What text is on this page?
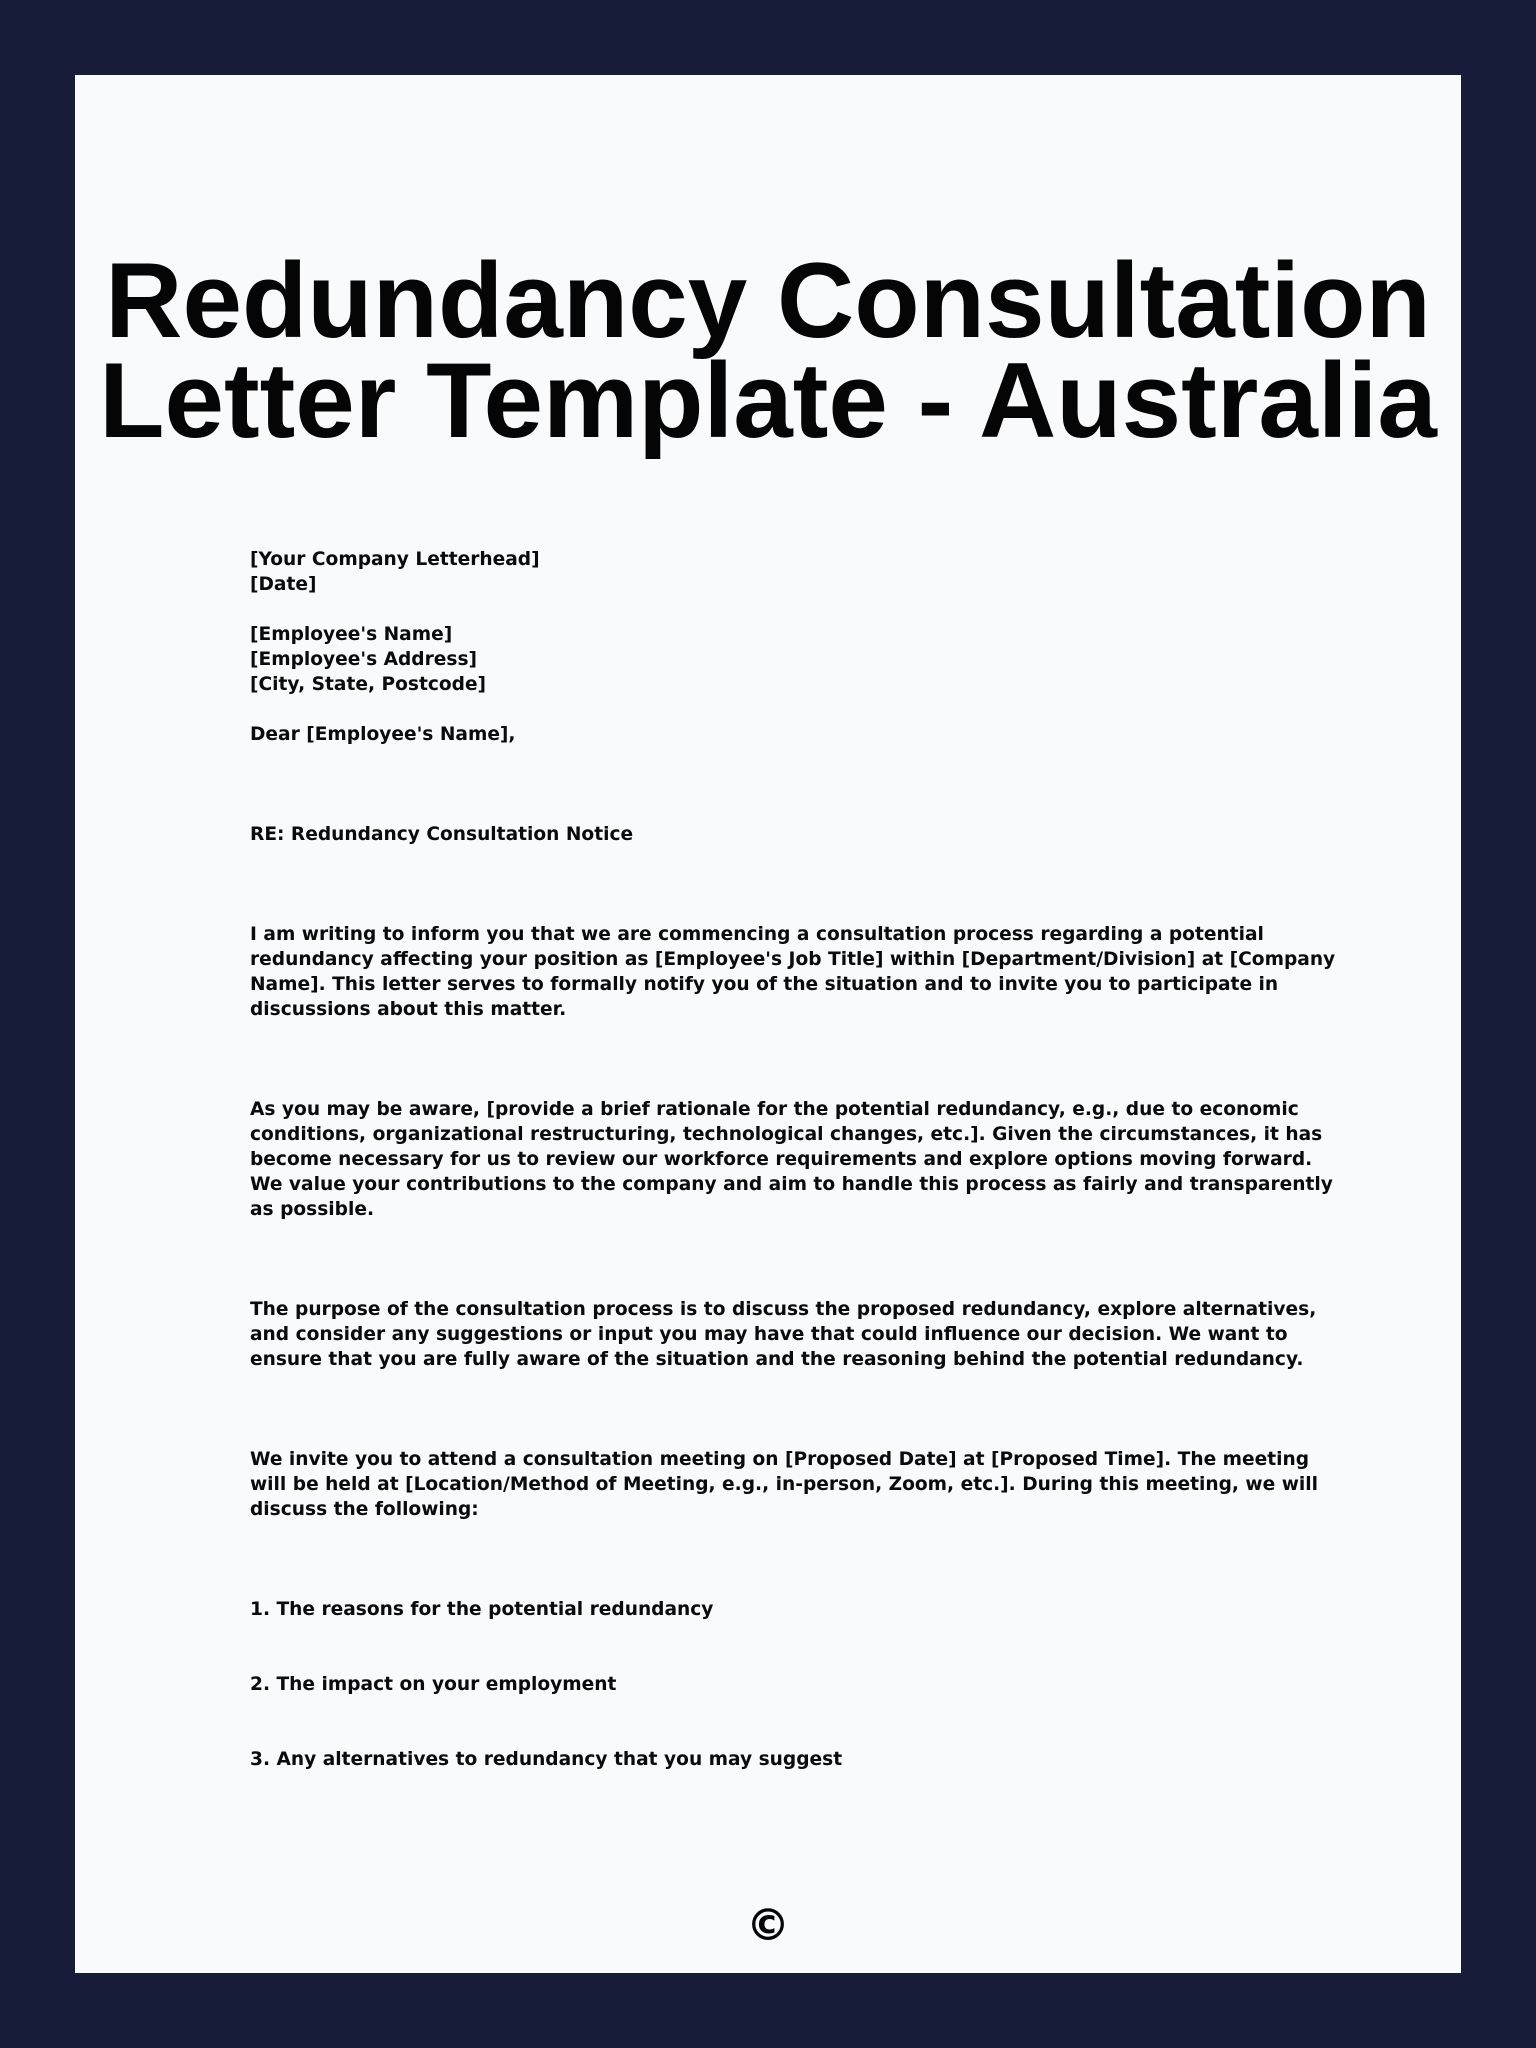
Redundancy Consultation
Letter Template - Australia

[Your Company Letterhead]

[Date]

[Employee's Name]

[Employee's Address]

[City, State, Postcode]

Dear [Employee's Name],

RE: Redundancy Consultation Notice

I am writing to inform you that we are commencing a consultation process regarding a potential redundancy affecting your position as [Employee's Job Title] within [Department/Division] at [Company Name]. This letter serves to formally notify you of the situation and to invite you to participate in discussions about this matter.

As you may be aware, [provide a brief rationale for the potential redundancy, e.g., due to economic conditions, organizational restructuring, technological changes, etc.]. Given the circumstances, it has become necessary for us to review our workforce requirements and explore options moving forward. We value your contributions to the company and aim to handle this process as fairly and transparently as possible.

The purpose of the consultation process is to discuss the proposed redundancy, explore alternatives, and consider any suggestions or input you may have that could influence our decision. We want to ensure that you are fully aware of the situation and the reasoning behind the potential redundancy.

We invite you to attend a consultation meeting on [Proposed Date] at [Proposed Time]. The meeting will be held at [Location/Method of Meeting, e.g., in-person, Zoom, etc.]. During this meeting, we will discuss the following:

1. The reasons for the potential redundancy

2. The impact on your employment

3. Any alternatives to redundancy that you may suggest

©
